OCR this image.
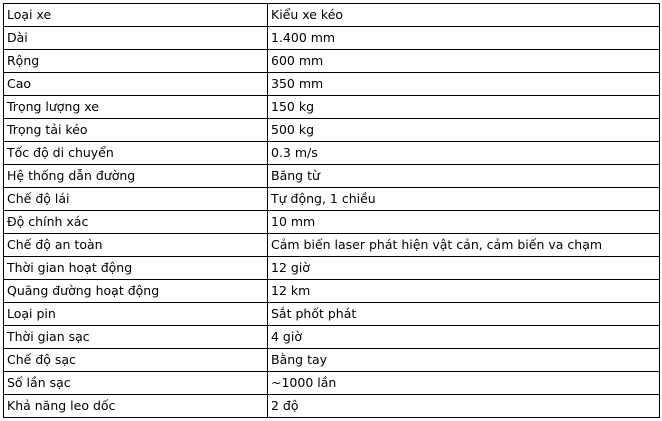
Loại xe	Kiểu xe kéo
Dài	1.400 mm
Rộng	600 mm
Cao	350 mm
Trọng lượng xe	150 kg
Trọng tải kéo	500 kg
Tốc độ di chuyển	0.3 m/s
Hệ thống dẫn đường	Băng từ
Chế độ lái	Tự động, 1 chiều
Độ chính xác	10 mm
Chế độ an toàn	Cảm biến laser phát hiện vật cản, cảm biến va chạm
Thời gian hoạt động	12 giờ
Quãng đường hoạt động	12 km
Loại pin	Sắt phốt phát
Thời gian sạc	4 giờ
Chế độ sạc	Bằng tay
Số lần sạc	~1000 lần
Khả năng leo dốc	2 độ
